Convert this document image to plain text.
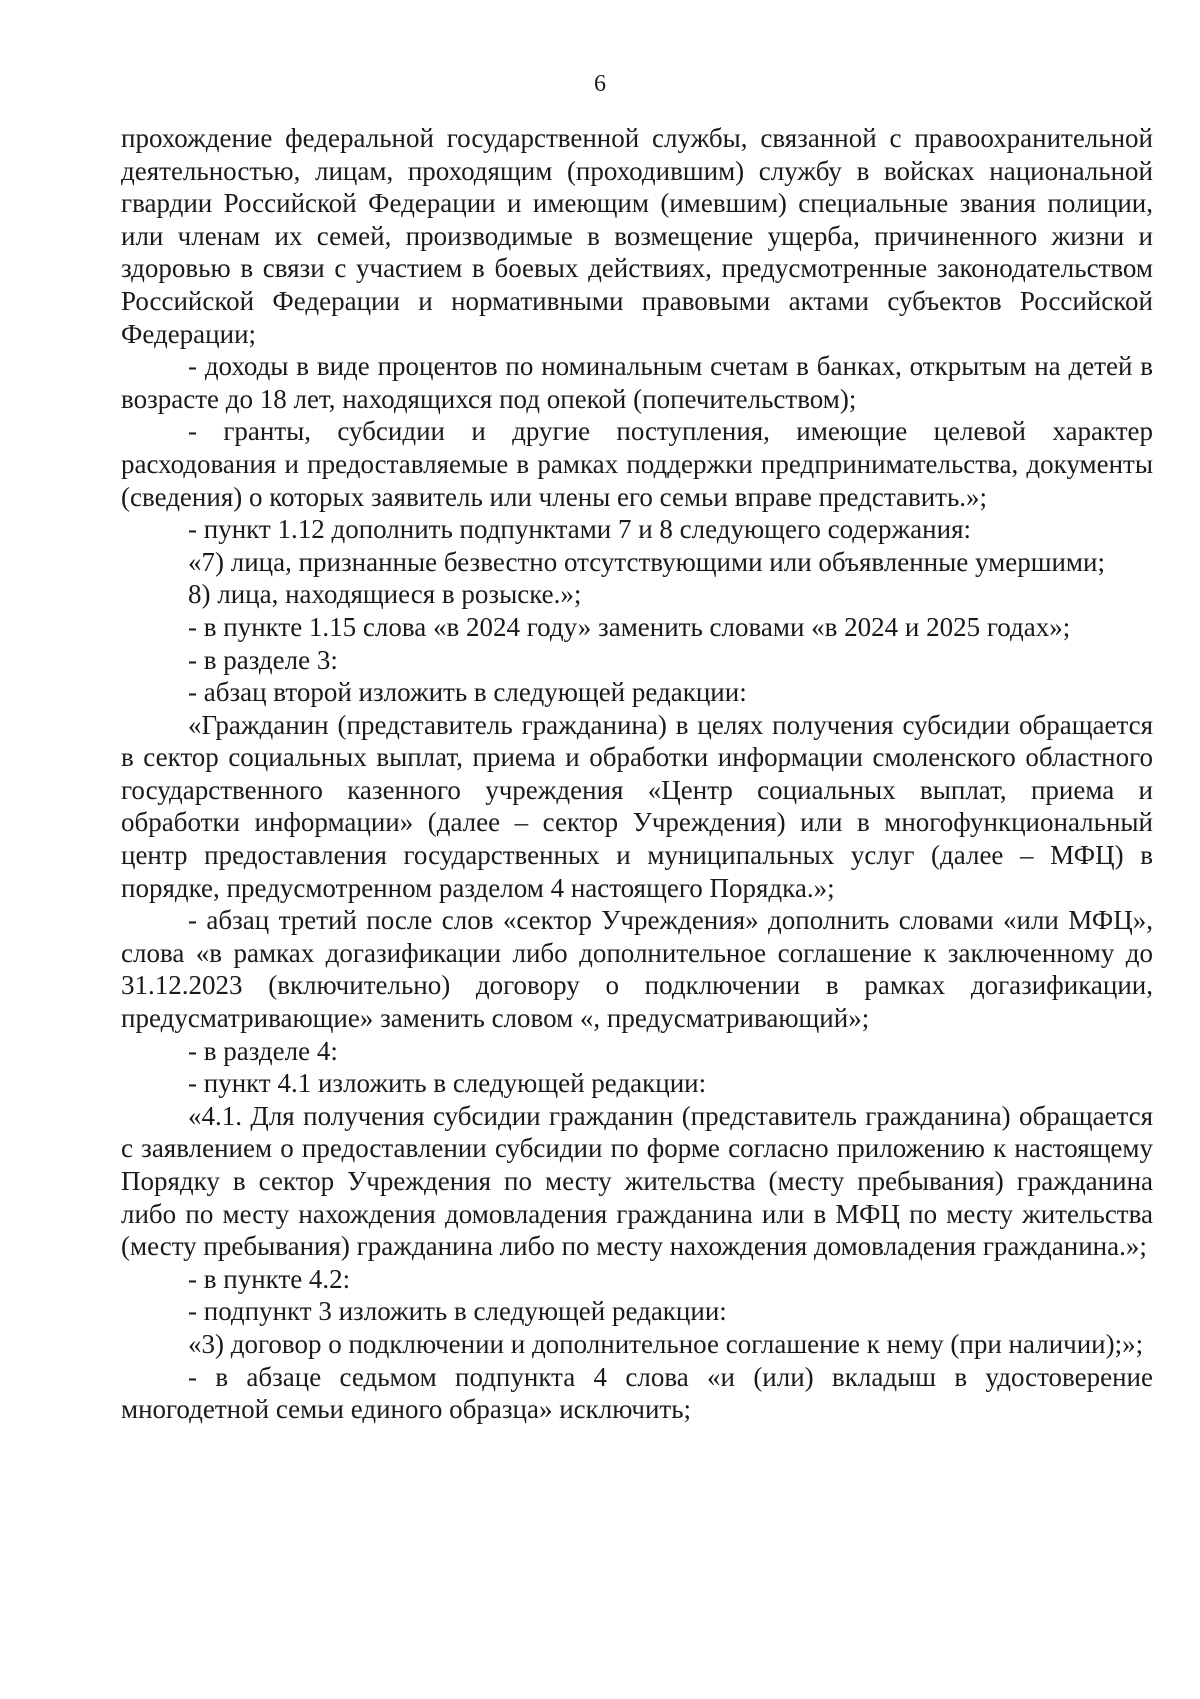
6

прохождение федеральной государственной службы, связанной с правоохранительной деятельностью, лицам, проходящим (проходившим) службу в войсках национальной гвардии Российской Федерации и имеющим (имевшим) специальные звания полиции, или членам их семей, производимые в возмещение ущерба, причиненного жизни и здоровью в связи с участием в боевых действиях, предусмотренные законодательством Российской Федерации и нормативными правовыми актами субъектов Российской Федерации;

- доходы в виде процентов по номинальным счетам в банках, открытым на детей в возрасте до 18 лет, находящихся под опекой (попечительством);

- гранты, субсидии и другие поступления, имеющие целевой характер расходования и предоставляемые в рамках поддержки предпринимательства, документы (сведения) о которых заявитель или члены его семьи вправе представить.»;

- пункт 1.12 дополнить подпунктами 7 и 8 следующего содержания:

«7) лица, признанные безвестно отсутствующими или объявленные умершими;

8) лица, находящиеся в розыске.»;

- в пункте 1.15 слова «в 2024 году» заменить словами «в 2024 и 2025 годах»;

- в разделе 3:

- абзац второй изложить в следующей редакции:

«Гражданин (представитель гражданина) в целях получения субсидии обращается в сектор социальных выплат, приема и обработки информации смоленского областного государственного казенного учреждения «Центр социальных выплат, приема и обработки информации» (далее – сектор Учреждения) или в многофункциональный центр предоставления государственных и муниципальных услуг (далее – МФЦ) в порядке, предусмотренном разделом 4 настоящего Порядка.»;

- абзац третий после слов «сектор Учреждения» дополнить словами «или МФЦ», слова «в рамках догазификации либо дополнительное соглашение к заключенному до 31.12.2023 (включительно) договору о подключении в рамках догазификации, предусматривающие» заменить словом «, предусматривающий»;

- в разделе 4:

- пункт 4.1 изложить в следующей редакции:

«4.1. Для получения субсидии гражданин (представитель гражданина) обращается с заявлением о предоставлении субсидии по форме согласно приложению к настоящему Порядку в сектор Учреждения по месту жительства (месту пребывания) гражданина либо по месту нахождения домовладения гражданина или в МФЦ по месту жительства (месту пребывания) гражданина либо по месту нахождения домовладения гражданина.»;

- в пункте 4.2:

- подпункт 3 изложить в следующей редакции:

«3) договор о подключении и дополнительное соглашение к нему (при наличии);»;

- в абзаце седьмом подпункта 4 слова «и (или) вкладыш в удостоверение многодетной семьи единого образца» исключить;
